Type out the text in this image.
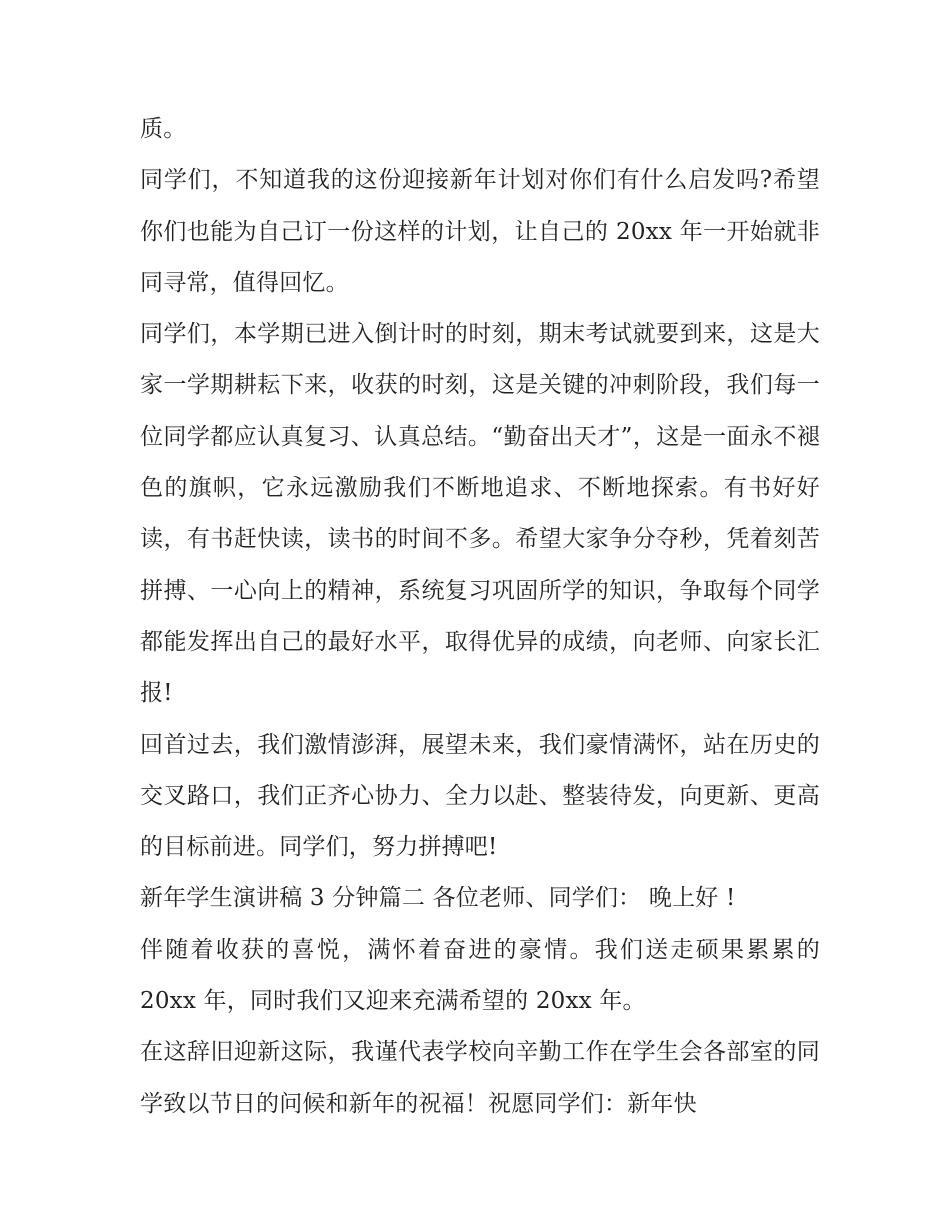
质。

同学们，不知道我的这份迎接新年计划对你们有什么启发吗?希望你们也能为自己订一份这样的计划，让自己的 20xx 年一开始就非同寻常，值得回忆。

同学们，本学期已进入倒计时的时刻，期末考试就要到来，这是大家一学期耕耘下来，收获的时刻，这是关键的冲刺阶段，我们每一位同学都应认真复习、认真总结。“勤奋出天才”，这是一面永不褪色的旗帜，它永远激励我们不断地追求、不断地探索。有书好好读，有书赶快读，读书的时间不多。希望大家争分夺秒，凭着刻苦拼搏、一心向上的精神，系统复习巩固所学的知识，争取每个同学都能发挥出自己的最好水平，取得优异的成绩，向老师、向家长汇报!

回首过去，我们激情澎湃，展望未来，我们豪情满怀，站在历史的交叉路口，我们正齐心协力、全力以赴、整装待发，向更新、更高的目标前进。同学们，努力拼搏吧!

新年学生演讲稿 3 分钟篇二 各位老师、同学们： 晚上好 !

伴随着收获的喜悦，满怀着奋进的豪情。我们送走硕果累累的 20xx 年，同时我们又迎来充满希望的 20xx 年。

在这辞旧迎新这际，我谨代表学校向辛勤工作在学生会各部室的同学致以节日的问候和新年的祝福！祝愿同学们：新年快
